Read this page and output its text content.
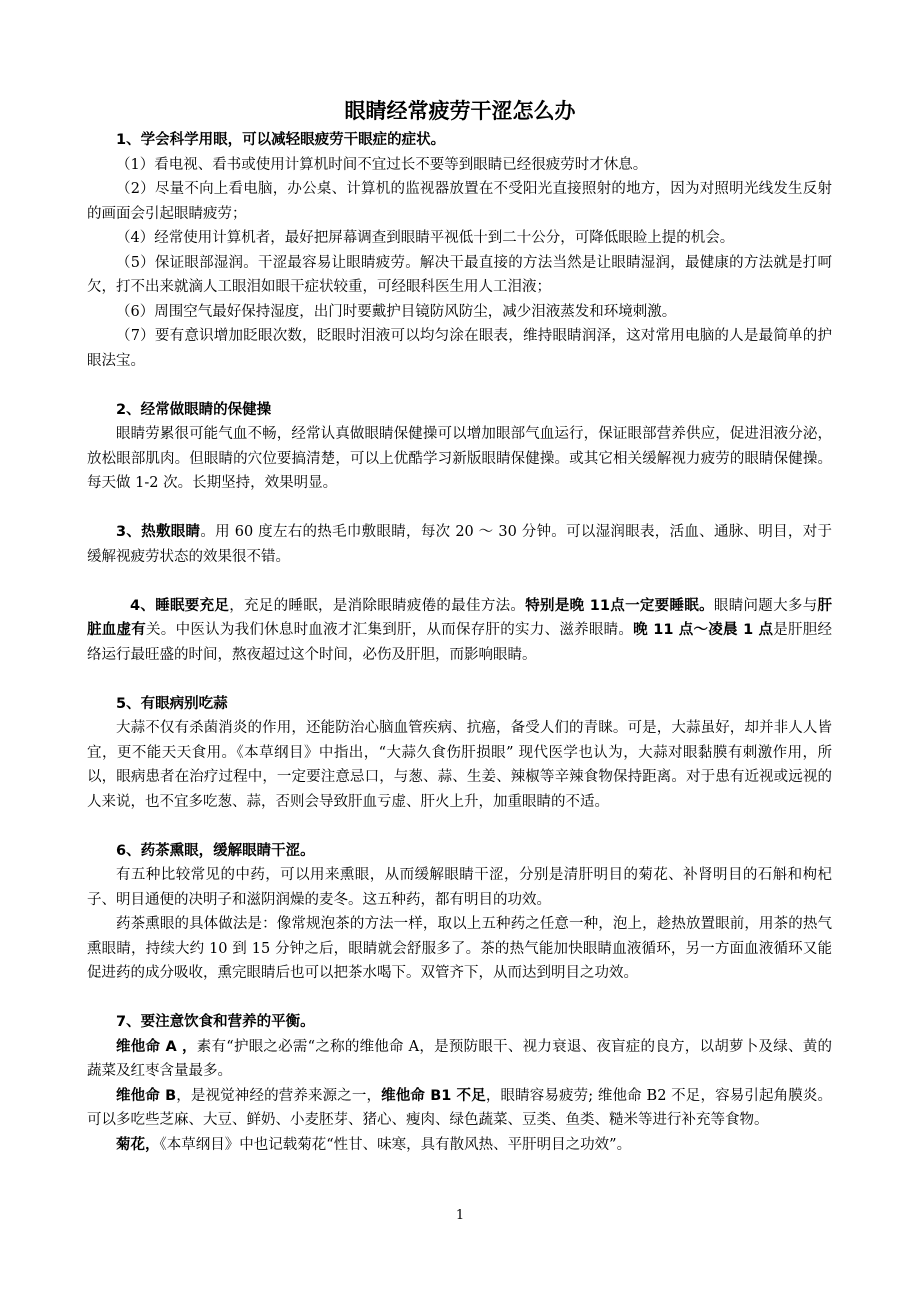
眼睛经常疲劳干涩怎么办

1、学会科学用眼，可以减轻眼疲劳干眼症的症状。

（1）看电视、看书或使用计算机时间不宜过长不要等到眼睛已经很疲劳时才休息。

（2）尽量不向上看电脑，办公桌、计算机的监视器放置在不受阳光直接照射的地方，因为对照明光线发生反射的画面会引起眼睛疲劳；

（4）经常使用计算机者，最好把屏幕调查到眼睛平视低十到二十公分，可降低眼睑上提的机会。

（5）保证眼部湿润。干涩最容易让眼睛疲劳。解决干最直接的方法当然是让眼睛湿润，最健康的方法就是打呵欠，打不出来就滴人工眼泪如眼干症状较重，可经眼科医生用人工泪液；

（6）周围空气最好保持湿度，出门时要戴护目镜防风防尘，减少泪液蒸发和环境刺激。

（7）要有意识增加眨眼次数，眨眼时泪液可以均匀涂在眼表，维持眼睛润泽，这对常用电脑的人是最简单的护眼法宝。

2、经常做眼睛的保健操

眼睛劳累很可能气血不畅，经常认真做眼睛保健操可以增加眼部气血运行，保证眼部营养供应，促进泪液分泌，放松眼部肌肉。但眼睛的穴位要搞清楚，可以上优酷学习新版眼睛保健操。或其它相关缓解视力疲劳的眼睛保健操。每天做 1-2 次。长期坚持，效果明显。

3、热敷眼睛。用 60 度左右的热毛巾敷眼睛，每次 20 ～ 30 分钟。可以湿润眼表，活血、通脉、明目，对于缓解视疲劳状态的效果很不错。

4、睡眠要充足，充足的睡眠，是消除眼睛疲倦的最佳方法。特别是晚 11点一定要睡眠。眼睛问题大多与肝脏血虚有关。中医认为我们休息时血液才汇集到肝，从而保存肝的实力、滋养眼睛。晚 11 点～凌晨 1 点是肝胆经络运行最旺盛的时间，熬夜超过这个时间，必伤及肝胆，而影响眼睛。

5、有眼病别吃蒜

大蒜不仅有杀菌消炎的作用，还能防治心脑血管疾病、抗癌，备受人们的青睐。可是，大蒜虽好，却并非人人皆宜，更不能天天食用。《本草纲目》中指出，“大蒜久食伤肝损眼” 现代医学也认为，大蒜对眼黏膜有刺激作用，所以，眼病患者在治疗过程中，一定要注意忌口，与葱、蒜、生姜、辣椒等辛辣食物保持距离。对于患有近视或远视的人来说，也不宜多吃葱、蒜，否则会导致肝血亏虚、肝火上升，加重眼睛的不适。

6、药茶熏眼，缓解眼睛干涩。

有五种比较常见的中药，可以用来熏眼，从而缓解眼睛干涩，分别是清肝明目的菊花、补肾明目的石斛和枸杞子、明目通便的决明子和滋阴润燥的麦冬。这五种药，都有明目的功效。

药茶熏眼的具体做法是：像常规泡茶的方法一样，取以上五种药之任意一种，泡上，趁热放置眼前，用茶的热气熏眼睛，持续大约 10 到 15 分钟之后，眼睛就会舒服多了。茶的热气能加快眼睛血液循环，另一方面血液循环又能促进药的成分吸收，熏完眼睛后也可以把茶水喝下。双管齐下，从而达到明目之功效。

7、要注意饮食和营养的平衡。

维他命 A ，素有“护眼之必需“之称的维他命 A，是预防眼干、视力衰退、夜盲症的良方，以胡萝卜及绿、黄的蔬菜及红枣含量最多。

维他命 B，是视觉神经的营养来源之一，维他命 B1 不足，眼睛容易疲劳; 维他命 B2 不足，容易引起角膜炎。可以多吃些芝麻、大豆、鲜奶、小麦胚芽、猪心、瘦肉、绿色蔬菜、豆类、鱼类、糙米等进行补充等食物。

菊花，《本草纲目》中也记载菊花“性甘、味寒，具有散风热、平肝明目之功效”。

1
